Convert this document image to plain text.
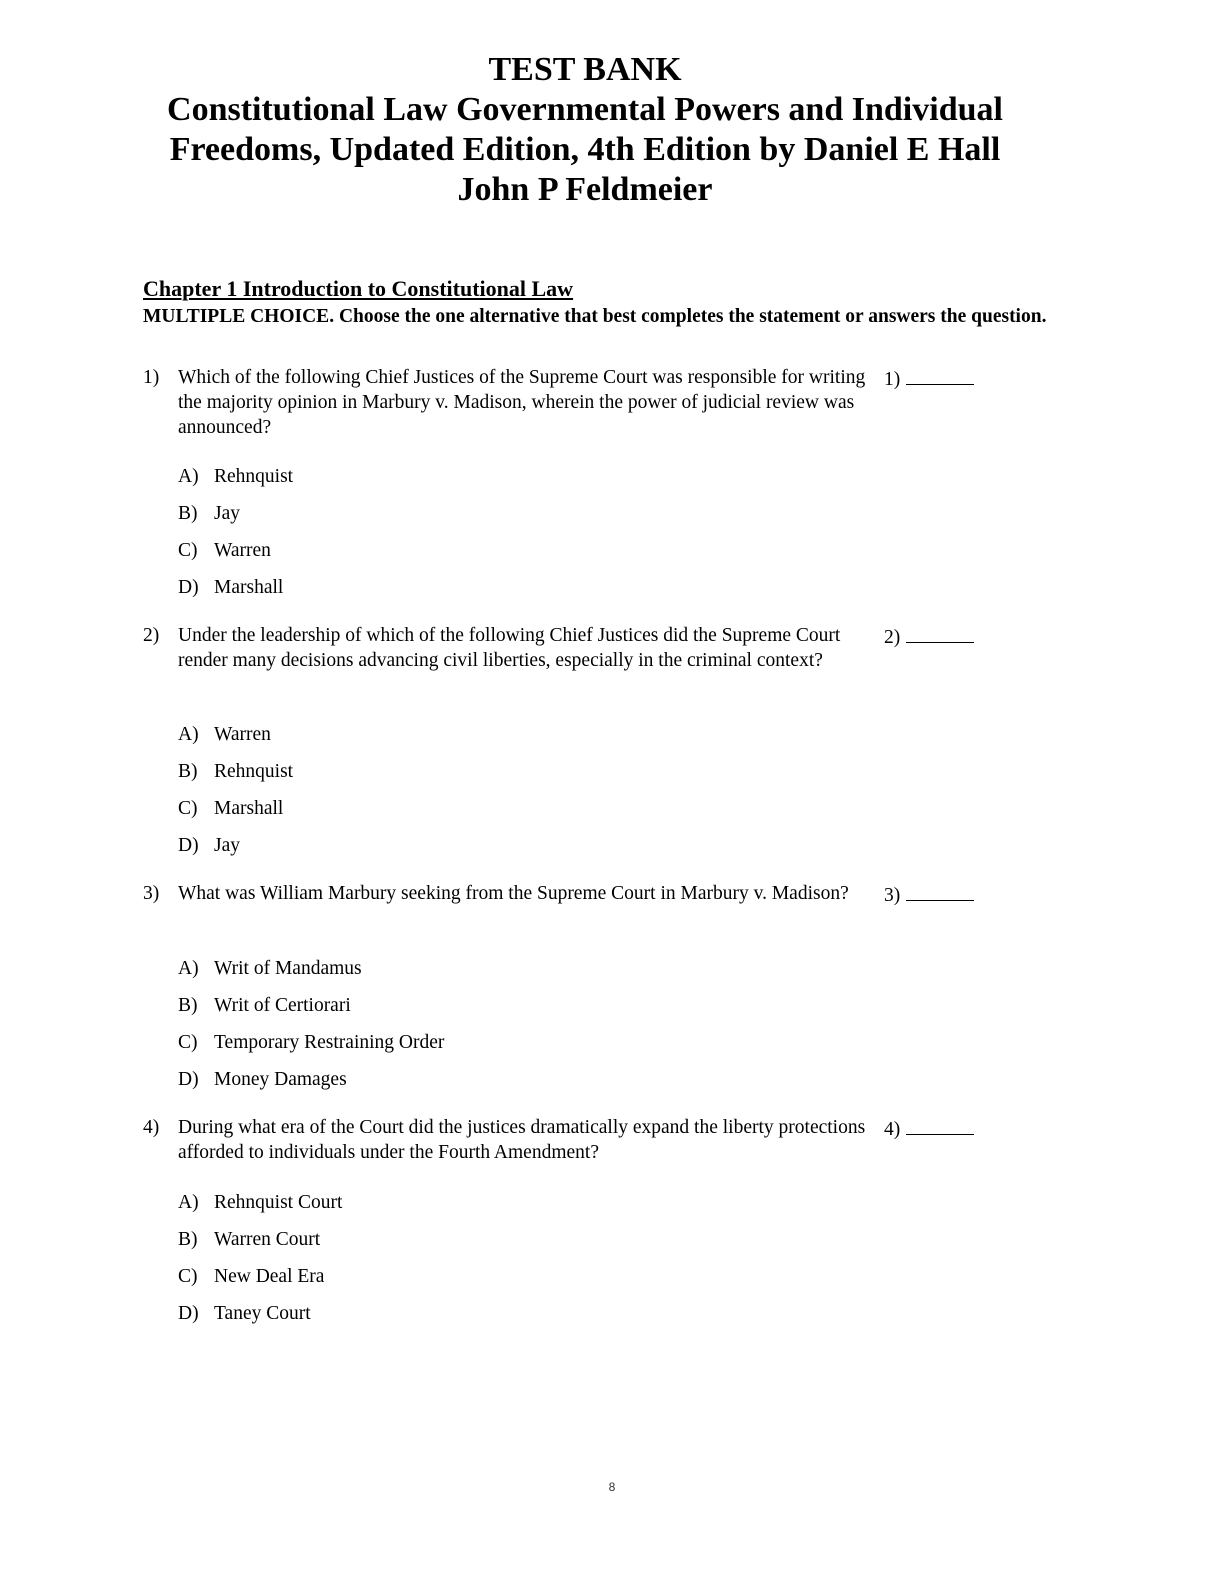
TEST BANK
Constitutional Law Governmental Powers and Individual
Freedoms, Updated Edition, 4th Edition by Daniel E Hall
John P Feldmeier
Chapter 1 Introduction to Constitutional Law
MULTIPLE CHOICE. Choose the one alternative that best completes the statement or answers the question.
1) Which of the following Chief Justices of the Supreme Court was responsible for writing the majority opinion in Marbury v. Madison, wherein the power of judicial review was announced?
1)
A) Rehnquist
B) Jay
C) Warren
D) Marshall
2) Under the leadership of which of the following Chief Justices did the Supreme Court render many decisions advancing civil liberties, especially in the criminal context?
2)
A) Warren
B) Rehnquist
C) Marshall
D) Jay
3) What was William Marbury seeking from the Supreme Court in Marbury v. Madison?	3)
A) Writ of Mandamus
B) Writ of Certiorari
C) Temporary Restraining Order
D) Money Damages
4) During what era of the Court did the justices dramatically expand the liberty protections afforded to individuals under the Fourth Amendment?
4)
A) Rehnquist Court
B) Warren Court
C) New Deal Era
D) Taney Court
8
